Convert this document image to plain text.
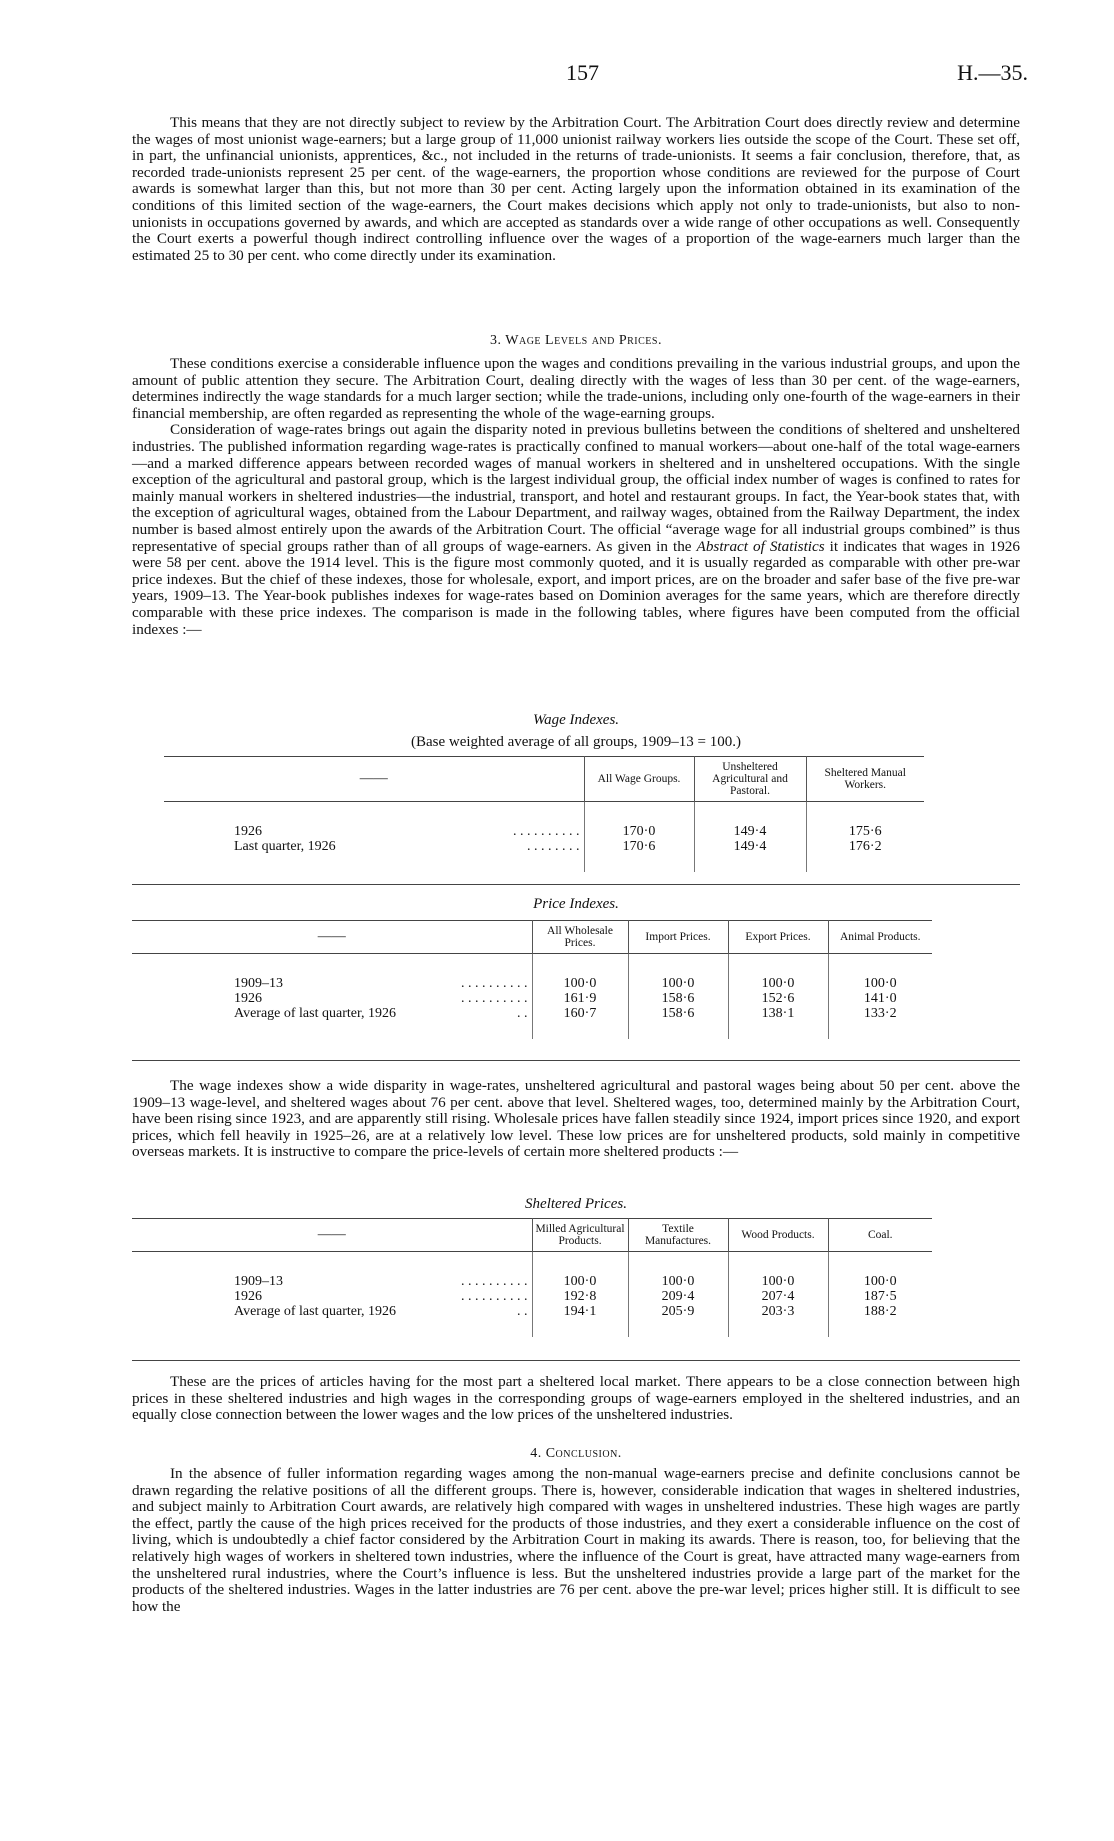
157	H.—35.

This means that they are not directly subject to review by the Arbitration Court. The Arbitration Court does directly review and determine the wages of most unionist wage-earners; but a large group of 11,000 unionist railway workers lies outside the scope of the Court. These set off, in part, the unfinancial unionists, apprentices, &c., not included in the returns of trade-unionists. It seems a fair conclusion, therefore, that, as recorded trade-unionists represent 25 per cent. of the wage-earners, the proportion whose conditions are reviewed for the purpose of Court awards is somewhat larger than this, but not more than 30 per cent. Acting largely upon the information obtained in its examination of the conditions of this limited section of the wage-earners, the Court makes decisions which apply not only to trade-unionists, but also to non-unionists in occupations governed by awards, and which are accepted as standards over a wide range of other occupations as well. Consequently the Court exerts a powerful though indirect controlling influence over the wages of a proportion of the wage-earners much larger than the estimated 25 to 30 per cent. who come directly under its examination.

3. Wage Levels and Prices.

These conditions exercise a considerable influence upon the wages and conditions prevailing in the various industrial groups, and upon the amount of public attention they secure. The Arbitration Court, dealing directly with the wages of less than 30 per cent. of the wage-earners, determines indirectly the wage standards for a much larger section; while the trade-unions, including only one-fourth of the wage-earners in their financial membership, are often regarded as representing the whole of the wage-earning groups.

Consideration of wage-rates brings out again the disparity noted in previous bulletins between the conditions of sheltered and unsheltered industries. The published information regarding wage-rates is practically confined to manual workers—about one-half of the total wage-earners—and a marked difference appears between recorded wages of manual workers in sheltered and in unsheltered occupations. With the single exception of the agricultural and pastoral group, which is the largest individual group, the official index number of wages is confined to rates for mainly manual workers in sheltered industries—the industrial, transport, and hotel and restaurant groups. In fact, the Year-book states that, with the exception of agricultural wages, obtained from the Labour Department, and railway wages, obtained from the Railway Department, the index number is based almost entirely upon the awards of the Arbitration Court. The official “average wage for all industrial groups combined” is thus representative of special groups rather than of all groups of wage-earners. As given in the Abstract of Statistics it indicates that wages in 1926 were 58 per cent. above the 1914 level. This is the figure most commonly quoted, and it is usually regarded as comparable with other pre-war price indexes. But the chief of these indexes, those for wholesale, export, and import prices, are on the broader and safer base of the five pre-war years, 1909–13. The Year-book publishes indexes for wage-rates based on Dominion averages for the same years, which are therefore directly comparable with these price indexes. The comparison is made in the following tables, where figures have been computed from the official indexes :—

Wage Indexes.
(Base weighted average of all groups, 1909–13 = 100.)
——	All Wage Groups.	Unsheltered Agricultural and Pastoral.	Sheltered Manual Workers.

1926 . . . . . . . . . .	170·0	149·4	175·6
Last quarter, 1926 . . . . . . . .	170·6	149·4	176·2
Price Indexes.
——	All Wholesale Prices.	Import Prices.	Export Prices.	Animal Products.

1909–13 . . . . . . . . . .	100·0	100·0	100·0	100·0
1926 . . . . . . . . . .	161·9	158·6	152·6	141·0
Average of last quarter, 1926 . .	160·7	158·6	138·1	133·2

The wage indexes show a wide disparity in wage-rates, unsheltered agricultural and pastoral wages being about 50 per cent. above the 1909–13 wage-level, and sheltered wages about 76 per cent. above that level. Sheltered wages, too, determined mainly by the Arbitration Court, have been rising since 1923, and are apparently still rising. Wholesale prices have fallen steadily since 1924, import prices since 1920, and export prices, which fell heavily in 1925–26, are at a relatively low level. These low prices are for unsheltered products, sold mainly in competitive overseas markets. It is instructive to compare the price-levels of certain more sheltered products :—

Sheltered Prices.
——	Milled Agricultural Products.	Textile Manufactures.	Wood Products.	Coal.

1909–13 . . . . . . . . . .	100·0	100·0	100·0	100·0
1926 . . . . . . . . . .	192·8	209·4	207·4	187·5
Average of last quarter, 1926 . .	194·1	205·9	203·3	188·2

These are the prices of articles having for the most part a sheltered local market. There appears to be a close connection between high prices in these sheltered industries and high wages in the corresponding groups of wage-earners employed in the sheltered industries, and an equally close connection between the lower wages and the low prices of the unsheltered industries.

4. Conclusion.

In the absence of fuller information regarding wages among the non-manual wage-earners precise and definite conclusions cannot be drawn regarding the relative positions of all the different groups. There is, however, considerable indication that wages in sheltered industries, and subject mainly to Arbitration Court awards, are relatively high compared with wages in unsheltered industries. These high wages are partly the effect, partly the cause of the high prices received for the products of those industries, and they exert a considerable influence on the cost of living, which is undoubtedly a chief factor considered by the Arbitration Court in making its awards. There is reason, too, for believing that the relatively high wages of workers in sheltered town industries, where the influence of the Court is great, have attracted many wage-earners from the unsheltered rural industries, where the Court’s influence is less. But the unsheltered industries provide a large part of the market for the products of the sheltered industries. Wages in the latter industries are 76 per cent. above the pre-war level; prices higher still. It is difficult to see how the
